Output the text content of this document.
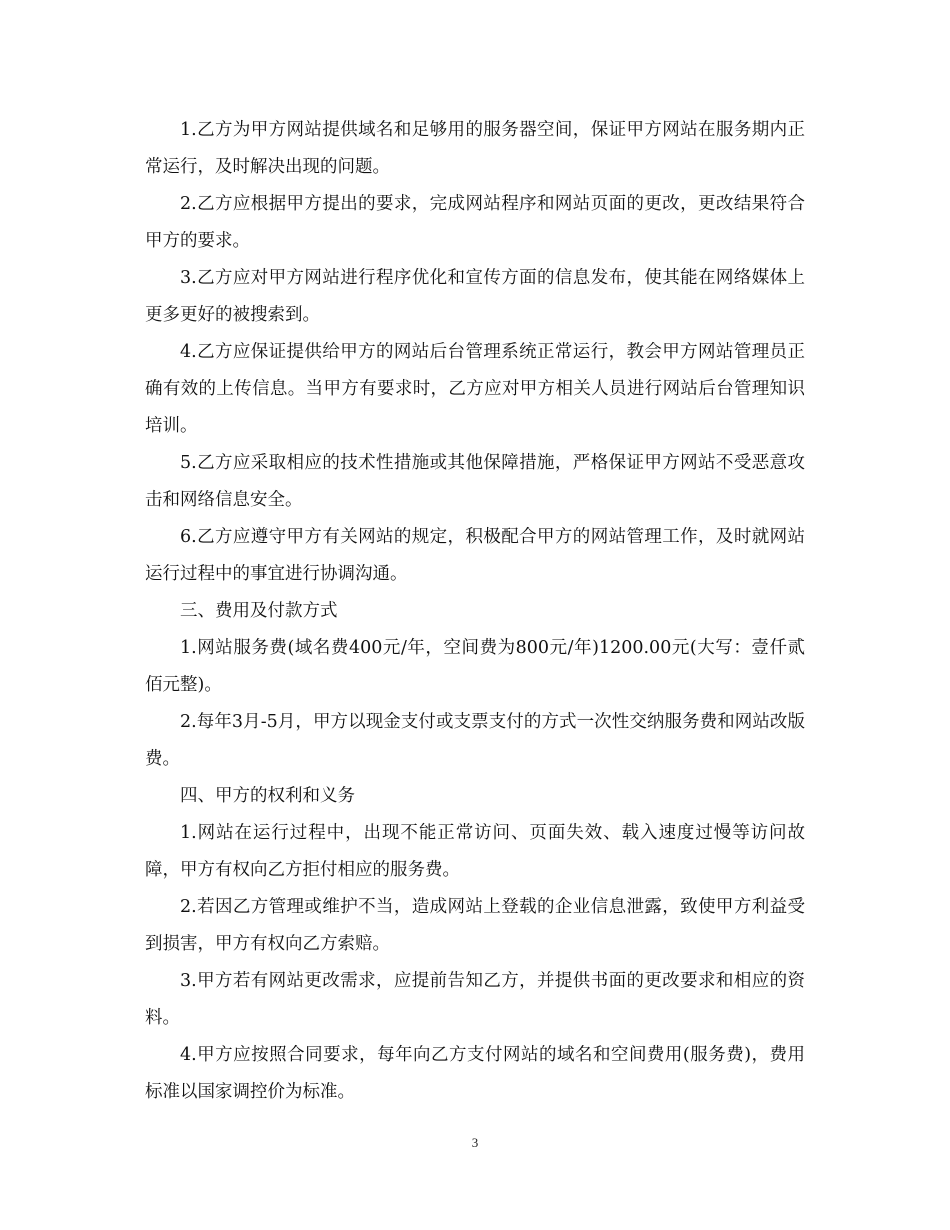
1.乙方为甲方网站提供域名和足够用的服务器空间，保证甲方网站在服务期内正常运行，及时解决出现的问题。

2.乙方应根据甲方提出的要求，完成网站程序和网站页面的更改，更改结果符合甲方的要求。

3.乙方应对甲方网站进行程序优化和宣传方面的信息发布，使其能在网络媒体上更多更好的被搜索到。

4.乙方应保证提供给甲方的网站后台管理系统正常运行，教会甲方网站管理员正确有效的上传信息。当甲方有要求时，乙方应对甲方相关人员进行网站后台管理知识培训。

5.乙方应采取相应的技术性措施或其他保障措施，严格保证甲方网站不受恶意攻击和网络信息安全。

6.乙方应遵守甲方有关网站的规定，积极配合甲方的网站管理工作，及时就网站运行过程中的事宜进行协调沟通。

三、费用及付款方式

1.网站服务费(域名费400元/年，空间费为800元/年)1200.00元(大写：壹仟贰佰元整)。

2.每年3月-5月，甲方以现金支付或支票支付的方式一次性交纳服务费和网站改版费。

四、甲方的权利和义务

1.网站在运行过程中，出现不能正常访问、页面失效、载入速度过慢等访问故障，甲方有权向乙方拒付相应的服务费。

2.若因乙方管理或维护不当，造成网站上登载的企业信息泄露，致使甲方利益受到损害，甲方有权向乙方索赔。

3.甲方若有网站更改需求，应提前告知乙方，并提供书面的更改要求和相应的资料。

4.甲方应按照合同要求，每年向乙方支付网站的域名和空间费用(服务费)，费用标准以国家调控价为标准。

3
